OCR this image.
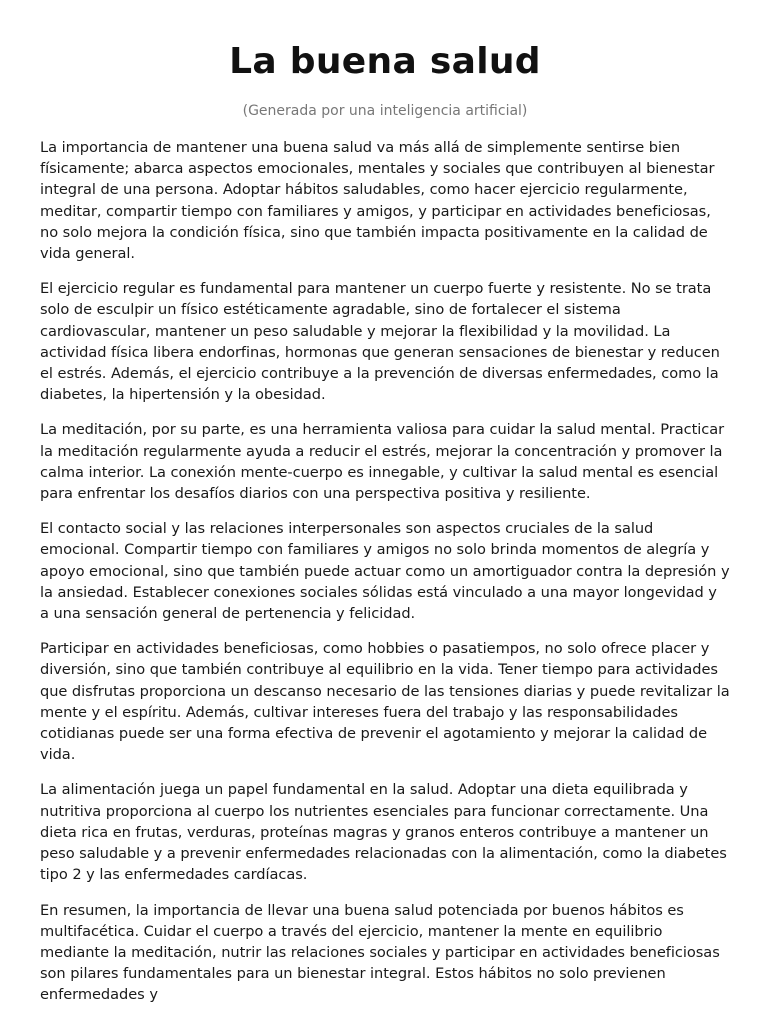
La buena salud
(Generada por una inteligencia artificial)

La importancia de mantener una buena salud va más allá de simplemente sentirse bien físicamente; abarca aspectos emocionales, mentales y sociales que contribuyen al bienestar integral de una persona. Adoptar hábitos saludables, como hacer ejercicio regularmente, meditar, compartir tiempo con familiares y amigos, y participar en actividades beneficiosas, no solo mejora la condición física, sino que también impacta positivamente en la calidad de vida general.

El ejercicio regular es fundamental para mantener un cuerpo fuerte y resistente. No se trata solo de esculpir un físico estéticamente agradable, sino de fortalecer el sistema cardiovascular, mantener un peso saludable y mejorar la flexibilidad y la movilidad. La actividad física libera endorfinas, hormonas que generan sensaciones de bienestar y reducen el estrés. Además, el ejercicio contribuye a la prevención de diversas enfermedades, como la diabetes, la hipertensión y la obesidad.

La meditación, por su parte, es una herramienta valiosa para cuidar la salud mental. Practicar la meditación regularmente ayuda a reducir el estrés, mejorar la concentración y promover la calma interior. La conexión mente-cuerpo es innegable, y cultivar la salud mental es esencial para enfrentar los desafíos diarios con una perspectiva positiva y resiliente.

El contacto social y las relaciones interpersonales son aspectos cruciales de la salud emocional. Compartir tiempo con familiares y amigos no solo brinda momentos de alegría y apoyo emocional, sino que también puede actuar como un amortiguador contra la depresión y la ansiedad. Establecer conexiones sociales sólidas está vinculado a una mayor longevidad y a una sensación general de pertenencia y felicidad.

Participar en actividades beneficiosas, como hobbies o pasatiempos, no solo ofrece placer y diversión, sino que también contribuye al equilibrio en la vida. Tener tiempo para actividades que disfrutas proporciona un descanso necesario de las tensiones diarias y puede revitalizar la mente y el espíritu. Además, cultivar intereses fuera del trabajo y las responsabilidades cotidianas puede ser una forma efectiva de prevenir el agotamiento y mejorar la calidad de vida.

La alimentación juega un papel fundamental en la salud. Adoptar una dieta equilibrada y nutritiva proporciona al cuerpo los nutrientes esenciales para funcionar correctamente. Una dieta rica en frutas, verduras, proteínas magras y granos enteros contribuye a mantener un peso saludable y a prevenir enfermedades relacionadas con la alimentación, como la diabetes tipo 2 y las enfermedades cardíacas.

En resumen, la importancia de llevar una buena salud potenciada por buenos hábitos es multifacética. Cuidar el cuerpo a través del ejercicio, mantener la mente en equilibrio mediante la meditación, nutrir las relaciones sociales y participar en actividades beneficiosas son pilares fundamentales para un bienestar integral. Estos hábitos no solo previenen enfermedades y
